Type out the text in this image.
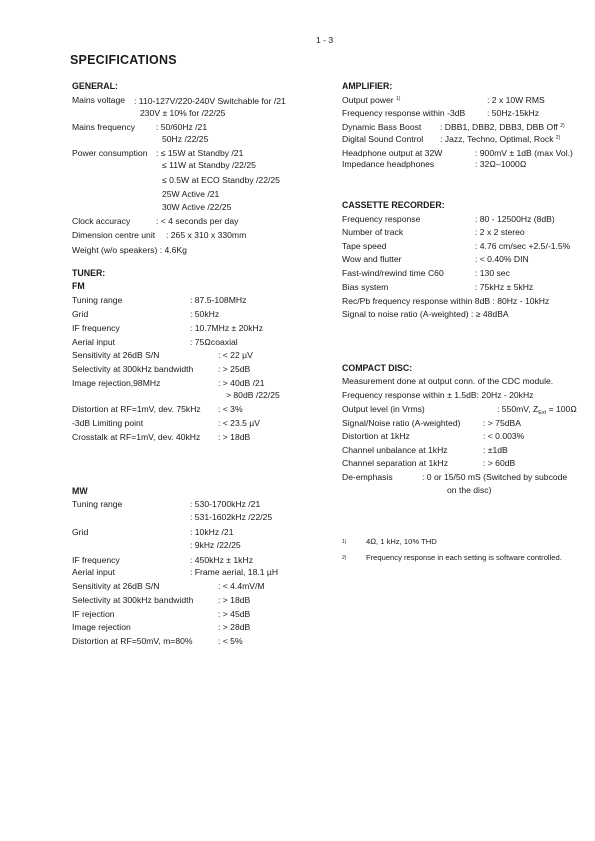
1 - 3
SPECIFICATIONS
GENERAL:
Mains voltage : 110-127V/220-240V Switchable for /21
230V ± 10% for /22/25
Mains frequency : 50/60Hz /21
50Hz /22/25
Power consumption : ≤ 15W at Standby /21
≤ 11W at Standby /22/25
≤ 0.5W at ECO Standby /22/25
25W Active /21
30W Active /22/25
Clock accuracy	: < 4 seconds per day
Dimension centre unit : 265 x 310 x 330mm
Weight (w/o speakers) : 4.6Kg
TUNER:
FM
Tuning range	: 87.5-108MHz
Grid	: 50kHz
IF frequency	: 10.7MHz ± 20kHz
Aerial input	: 75Ωcoaxial
Sensitivity at 26dB S/N	: < 22 µV
Selectivity at 300kHz bandwidth	: > 25dB
Image rejection,98MHz	: > 40dB /21
> 80dB /22/25
Distortion at RF=1mV, dev. 75kHz : < 3%
-3dB Limiting point	: < 23.5 µV
Crosstalk at RF=1mV, dev. 40kHz : > 18dB
MW
Tuning range	: 530-1700kHz /21
: 531-1602kHz /22/25
Grid	: 10kHz /21
: 9kHz /22/25
IF frequency	: 450kHz ± 1kHz
Aerial input	: Frame aerial, 18.1 µH
Sensitivity at 26dB S/N	: < 4.4mV/M
Selectivity at 300kHz bandwidth	: > 18dB
IF rejection	: > 45dB
Image rejection	: > 28dB
Distortion at RF=50mV, m=80%	: < 5%
AMPLIFIER:
Output power $^{1)}$	: 2 x 10W RMS
Frequency response within -3dB	: 50Hz-15kHz
Dynamic Bass Boost : DBB1, DBB2, DBB3, DBB Off $^{2)}$
Digital Sound Control : Jazz, Techno, Optimal, Rock $^{2)}$
Headphone output at 32W	: 900mV ± 1dB (max Vol.)
Impedance headphones	: 32Ω–1000Ω
CASSETTE RECORDER:
Frequency response	: 80 - 12500Hz (8dB)
Number of track	: 2 x 2 stereo
Tape speed	: 4.76 cm/sec +2.5/-1.5%
Wow and flutter	: < 0.40% DIN
Fast-wind/rewind time C60	: 130 sec
Bias system	: 75kHz ± 5kHz
Rec/Pb frequency response within 8dB : 80Hz - 10kHz
Signal to noise ratio (A-weighted) : ≥ 48dBA
COMPACT DISC:
Measurement done at output conn. of the CDC module.
Frequency response within ± 1.5dB: 20Hz - 20kHz
Output level (in Vrms)	: 550mV, $Z_{Ext}$ = 100Ω
Signal/Noise ratio (A-weighted)	: > 75dBA
Distortion at 1kHz	: < 0.003%
Channel unbalance at 1kHz	: ±1dB
Channel separation at 1kHz	: > 60dB
De-emphasis	: 0 or 15/50 mS (Switched by subcode
on the disc)
1)	4Ω, 1 kHz, 10% THD
2)	Frequency response in each setting is software controlled.
